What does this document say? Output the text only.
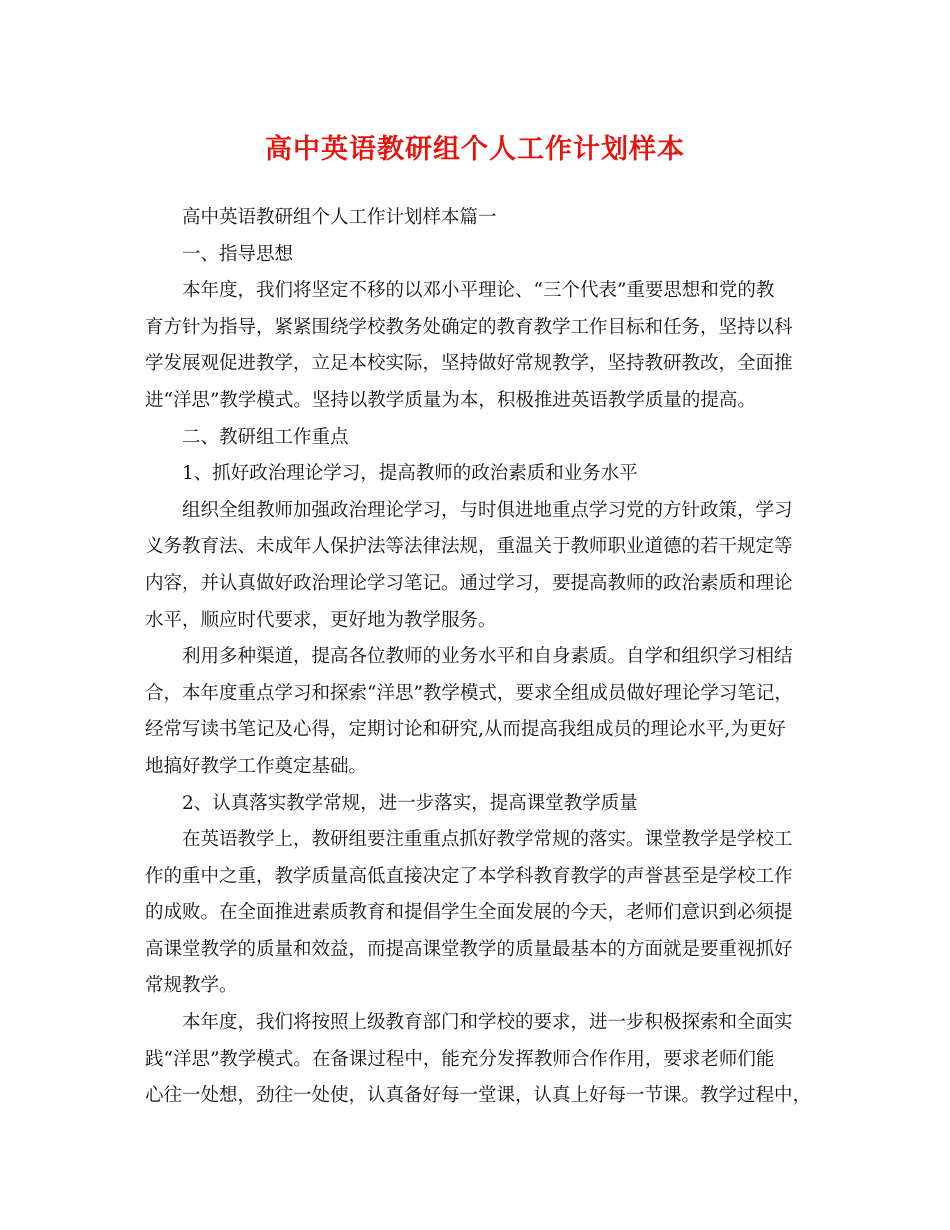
高中英语教研组个人工作计划样本
高中英语教研组个人工作计划样本篇一
一、指导思想
本年度，我们将坚定不移的以邓小平理论、“三个代表”重要思想和党的教
育方针为指导，紧紧围绕学校教务处确定的教育教学工作目标和任务，坚持以科
学发展观促进教学，立足本校实际，坚持做好常规教学，坚持教研教改，全面推
进“洋思”教学模式。坚持以教学质量为本，积极推进英语教学质量的提高。
二、教研组工作重点
1、抓好政治理论学习，提高教师的政治素质和业务水平
组织全组教师加强政治理论学习，与时俱进地重点学习党的方针政策，学习
义务教育法、未成年人保护法等法律法规，重温关于教师职业道德的若干规定等
内容，并认真做好政治理论学习笔记。通过学习，要提高教师的政治素质和理论
水平，顺应时代要求，更好地为教学服务。
利用多种渠道，提高各位教师的业务水平和自身素质。自学和组织学习相结
合，本年度重点学习和探索“洋思”教学模式，要求全组成员做好理论学习笔记，
经常写读书笔记及心得，定期讨论和研究,从而提高我组成员的理论水平,为更好
地搞好教学工作奠定基础。
2、认真落实教学常规，进一步落实，提高课堂教学质量
在英语教学上，教研组要注重重点抓好教学常规的落实。课堂教学是学校工
作的重中之重，教学质量高低直接决定了本学科教育教学的声誉甚至是学校工作
的成败。在全面推进素质教育和提倡学生全面发展的今天，老师们意识到必须提
高课堂教学的质量和效益，而提高课堂教学的质量最基本的方面就是要重视抓好
常规教学。
本年度，我们将按照上级教育部门和学校的要求，进一步积极探索和全面实
践“洋思”教学模式。在备课过程中，能充分发挥教师合作作用，要求老师们能
心往一处想，劲往一处使，认真备好每一堂课，认真上好每一节课。教学过程中，
